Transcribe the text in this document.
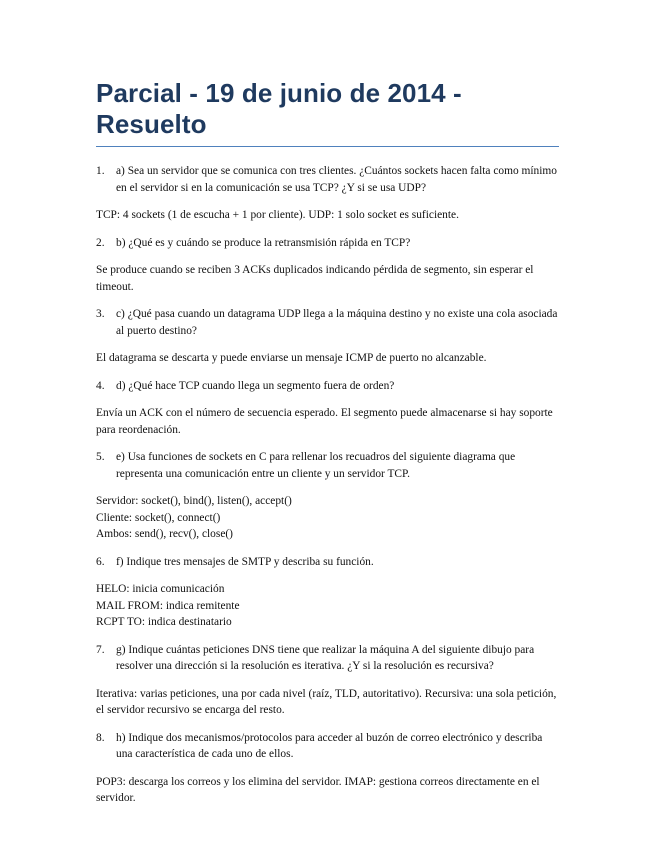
Parcial - 19 de junio de 2014 - Resuelto
1.	a) Sea un servidor que se comunica con tres clientes. ¿Cuántos sockets hacen falta como mínimo en el servidor si en la comunicación se usa TCP? ¿Y si se usa UDP?
TCP: 4 sockets (1 de escucha + 1 por cliente). UDP: 1 solo socket es suficiente.
2.	b) ¿Qué es y cuándo se produce la retransmisión rápida en TCP?
Se produce cuando se reciben 3 ACKs duplicados indicando pérdida de segmento, sin esperar el timeout.
3.	c) ¿Qué pasa cuando un datagrama UDP llega a la máquina destino y no existe una cola asociada al puerto destino?
El datagrama se descarta y puede enviarse un mensaje ICMP de puerto no alcanzable.
4.	d) ¿Qué hace TCP cuando llega un segmento fuera de orden?
Envía un ACK con el número de secuencia esperado. El segmento puede almacenarse si hay soporte para reordenación.
5.	e) Usa funciones de sockets en C para rellenar los recuadros del siguiente diagrama que representa una comunicación entre un cliente y un servidor TCP.
Servidor: socket(), bind(), listen(), accept()
Cliente: socket(), connect()
Ambos: send(), recv(), close()
6.	f) Indique tres mensajes de SMTP y describa su función.
HELO: inicia comunicación
MAIL FROM: indica remitente
RCPT TO: indica destinatario
7.	g) Indique cuántas peticiones DNS tiene que realizar la máquina A del siguiente dibujo para resolver una dirección si la resolución es iterativa. ¿Y si la resolución es recursiva?
Iterativa: varias peticiones, una por cada nivel (raíz, TLD, autoritativo). Recursiva: una sola petición, el servidor recursivo se encarga del resto.
8.	h) Indique dos mecanismos/protocolos para acceder al buzón de correo electrónico y describa una característica de cada uno de ellos.
POP3: descarga los correos y los elimina del servidor. IMAP: gestiona correos directamente en el servidor.
